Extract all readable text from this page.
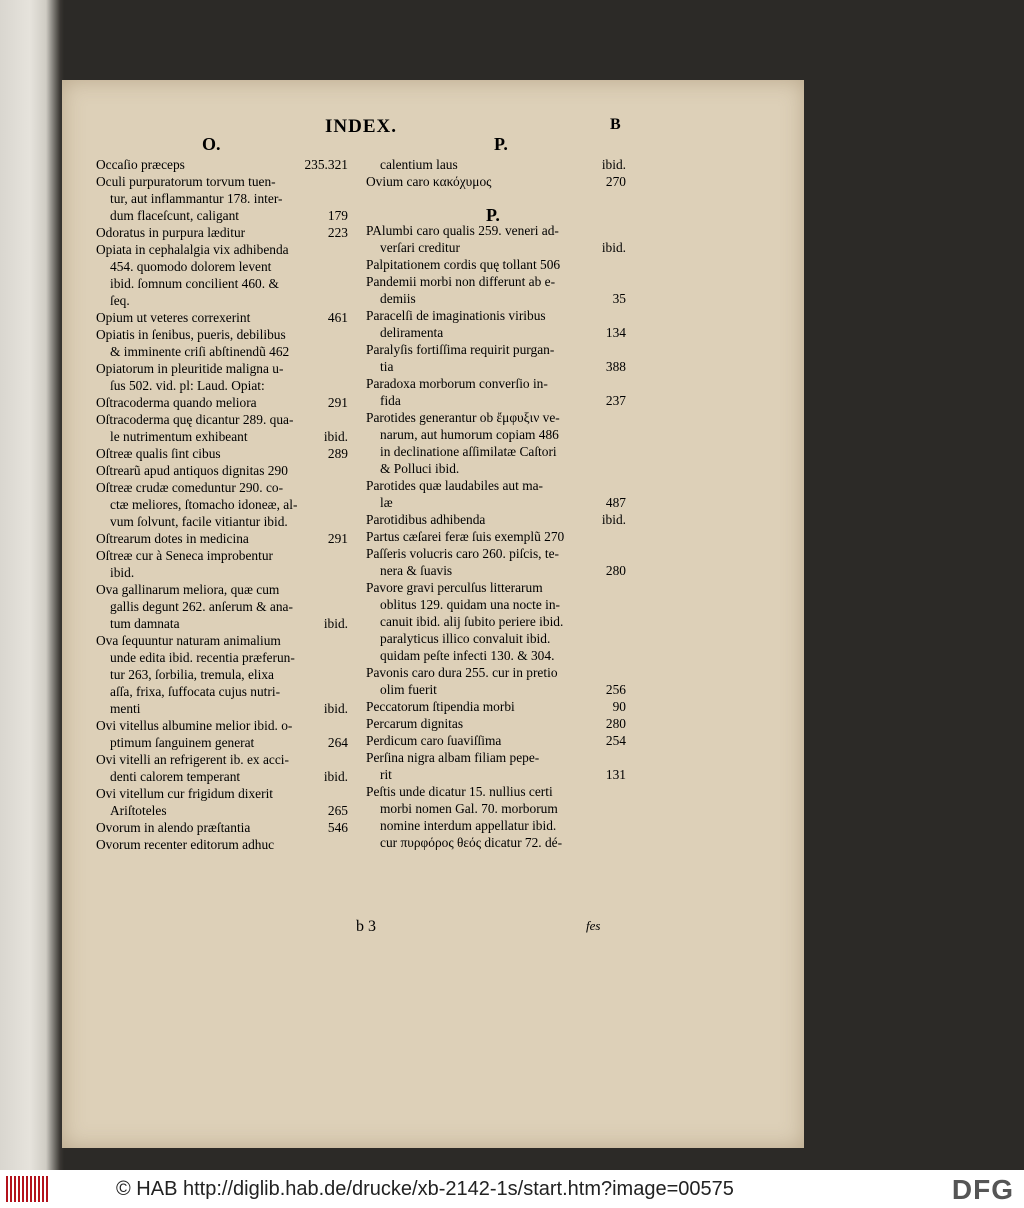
INDEX.	B
O.	P.
P.
Occaſio præceps	235.321
Oculi purpuratorum torvum tuen-
tur, aut inflammantur 178. inter-
dum flaceſcunt, caligant	179
Odoratus in purpura læditur	223
Opiata in cephalalgia vix adhibenda
454. quomodo dolorem levent
ibid. ſomnum concilient 460. &
ſeq.
Opium ut veteres correxerint	461
Opiatis in ſenibus, pueris, debilibus
& imminente criſi abſtinendũ 462
Opiatorum in pleuritide maligna u-
ſus 502. vid. pl: Laud. Opiat:
Oſtracoderma quando meliora	291
Oſtracoderma quę dicantur 289. qua-
le nutrimentum exhibeant	ibid.
Oſtreæ qualis ſint cibus	289
Oſtrearũ apud antiquos dignitas 290
Oſtreæ crudæ comeduntur 290. co-
ctæ meliores, ſtomacho idoneæ, al-
vum ſolvunt, facile vitiantur ibid.
Oſtrearum dotes in medicina	291
Oſtreæ cur à Seneca improbentur
ibid.
Ova gallinarum meliora, quæ cum
gallis degunt 262. anſerum & ana-
tum damnata	ibid.
Ova ſequuntur naturam animalium
unde edita ibid. recentia præferun-
tur 263, ſorbilia, tremula, elixa
aſſa, frixa, ſuffocata cujus nutri-
menti	ibid.
Ovi vitellus albumine melior ibid. o-
ptimum ſanguinem generat	264
Ovi vitelli an refrigerent ib. ex acci-
denti calorem temperant	ibid.
Ovi vitellum cur frigidum dixerit
Ariſtoteles	265
Ovorum in alendo præſtantia	546
Ovorum recenter editorum adhuc
calentium laus	ibid.
Ovium caro κακόχυμος	270
PAlumbi caro qualis 259. veneri ad-
verſari creditur	ibid.
Palpitationem cordis quę tollant 506
Pandemii morbi non differunt ab e-
demiis	35
Paracelſi de imaginationis viribus
deliramenta	134
Paralyſis fortiſſima requirit purgan-
tia	388
Paradoxa morborum converſio in-
fida	237
Parotides generantur ob ἔμφυξιν ve-
narum, aut humorum copiam 486
in declinatione aſſimilatæ Caſtori
& Polluci ibid.
Parotides quæ laudabiles aut ma-
læ	487
Parotidibus adhibenda	ibid.
Partus cæſarei feræ ſuis exemplũ 270
Paſſeris volucris caro 260. piſcis, te-
nera & ſuavis	280
Pavore gravi perculſus litterarum
oblitus 129. quidam una nocte in-
canuit ibid. alij ſubito periere ibid.
paralyticus illico convaluit ibid.
quidam peſte infecti 130. & 304.
Pavonis caro dura 255. cur in pretio
olim fuerit	256
Peccatorum ſtipendia morbi	90
Percarum dignitas	280
Perdicum caro ſuaviſſima	254
Perſina nigra albam filiam pepe-
rit	131
Peſtis unde dicatur 15. nullius certi
morbi nomen Gal. 70. morborum
nomine interdum appellatur ibid.
cur πυρφόρος θεός dicatur 72. dé-
b 3	fes
© HAB http://diglib.hab.de/drucke/xb-2142-1s/start.htm?image=00575	DFG
